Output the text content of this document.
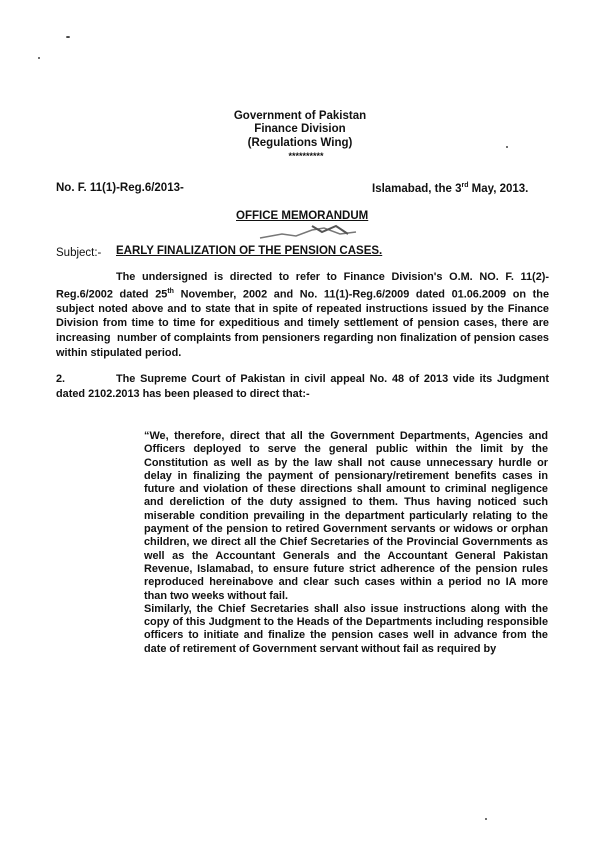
Government of Pakistan
Finance Division
(Regulations Wing)
**********
No. F. 11(1)-Reg.6/2013-	Islamabad, the 3rd May, 2013.
OFFICE MEMORANDUM
Subject:- EARLY FINALIZATION OF THE PENSION CASES.

The undersigned is directed to refer to Finance Division's O.M. NO. F. 11(2)-Reg.6/2002 dated 25th November, 2002 and No. 11(1)-Reg.6/2009 dated 01.06.2009 on the subject noted above and to state that in spite of repeated instructions issued by the Finance Division from time to time for expeditious and timely settlement of pension cases, there are increasing  number of complaints from pensioners regarding non finalization of pension cases within stipulated period.

2.	The Supreme Court of Pakistan in civil appeal No. 48 of 2013 vide its Judgment dated 2102.2013 has been pleased to direct that:-

“We, therefore, direct that all the Government Departments, Agencies and Officers deployed to serve the general public within the limit by the Constitution as well as by the law shall not cause unnecessary hurdle or delay in finalizing the payment of pensionary/retirement benefits cases in future and violation of these directions shall amount to criminal negligence and dereliction of the duty assigned to them. Thus having noticed such miserable condition prevailing in the department particularly relating to the payment of the pension to retired Government servants or widows or orphan children, we direct all the Chief Secretaries of the Provincial Governments as well as the Accountant Generals and the Accountant General Pakistan Revenue, Islamabad, to ensure future strict adherence of the pension rules reproduced hereinabove and clear such cases within a period no IA more than two weeks without fail.

Similarly, the Chief Secretaries shall also issue instructions along with the copy of this Judgment to the Heads of the Departments including responsible officers to initiate and finalize the pension cases well in advance from the date of retirement of Government servant without fail as required by
